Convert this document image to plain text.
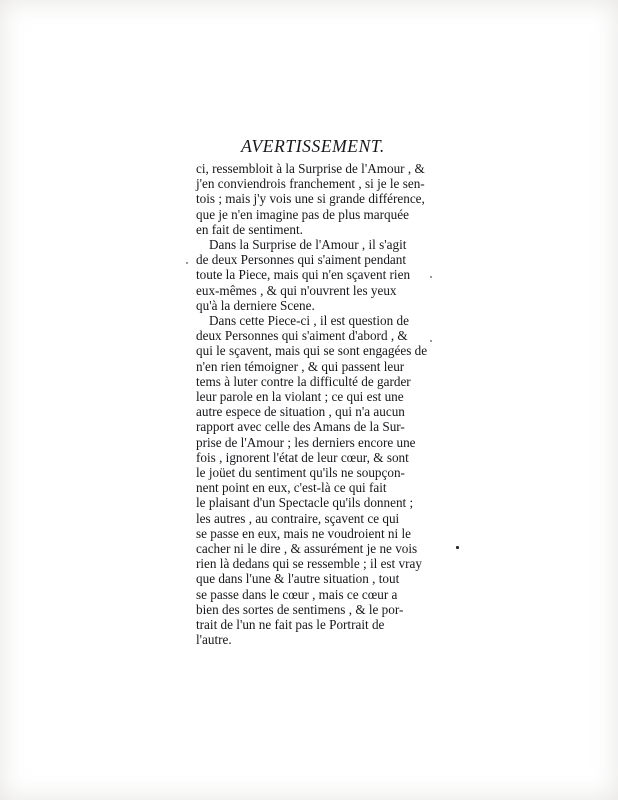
AVERTISSEMENT.

ci, ressembloit à la Surprise de l'Amour , &
j'en conviendrois franchement , si je le sen-
tois ; mais j'y vois une si grande différence,
que je n'en imagine pas de plus marquée
en fait de sentiment.

Dans la Surprise de l'Amour , il s'agit
de deux Personnes qui s'aiment pendant
toute la Piece, mais qui n'en sçavent rien
eux-mêmes , & qui n'ouvrent les yeux
qu'à la derniere Scene.

Dans cette Piece-ci , il est question de
deux Personnes qui s'aiment d'abord , &
qui le sçavent, mais qui se sont engagées de
n'en rien témoigner , & qui passent leur
tems à luter contre la difficulté de garder
leur parole en la violant ; ce qui est une
autre espece de situation , qui n'a aucun
rapport avec celle des Amans de la Sur-
prise de l'Amour ; les derniers encore une
fois , ignorent l'état de leur cœur, & sont
le joüet du sentiment qu'ils ne soupçon-
nent point en eux, c'est-là ce qui fait
le plaisant d'un Spectacle qu'ils donnent ;
les autres , au contraire, sçavent ce qui
se passe en eux, mais ne voudroient ni le
cacher ni le dire , & assurément je ne vois
rien là dedans qui se ressemble ; il est vray
que dans l'une & l'autre situation , tout
se passe dans le cœur , mais ce cœur a
bien des sortes de sentimens , & le por-
trait de l'un ne fait pas le Portrait de
l'autre.
